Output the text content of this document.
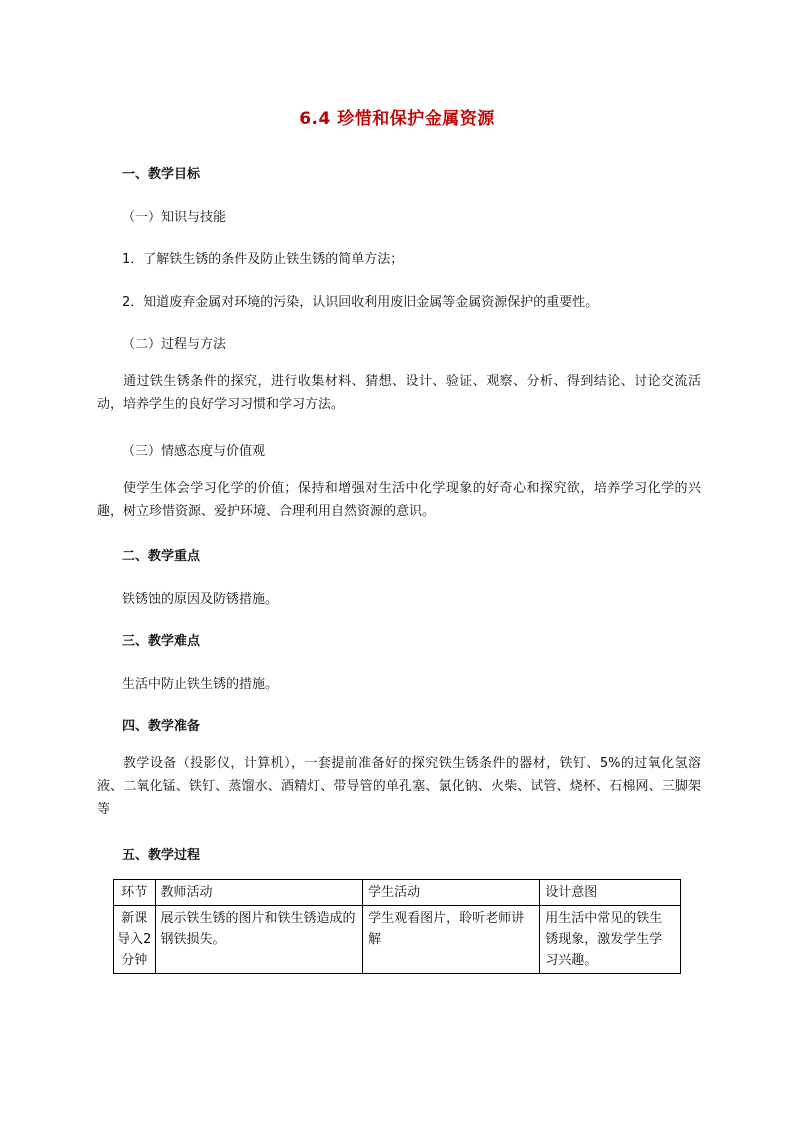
6.4 珍惜和保护金属资源
一、教学目标
（一）知识与技能
1．了解铁生锈的条件及防止铁生锈的简单方法；
2．知道废弃金属对环境的污染，认识回收利用废旧金属等金属资源保护的重要性。
（二）过程与方法
通过铁生锈条件的探究，进行收集材料、猜想、设计、验证、观察、分析、得到结论、讨论交流活动，培养学生的良好学习习惯和学习方法。
（三）情感态度与价值观
使学生体会学习化学的价值；保持和增强对生活中化学现象的好奇心和探究欲，培养学习化学的兴趣，树立珍惜资源、爱护环境、合理利用自然资源的意识。
二、教学重点
铁锈蚀的原因及防锈措施。
三、教学难点
生活中防止铁生锈的措施。
四、教学准备
教学设备（投影仪，计算机），一套提前准备好的探究铁生锈条件的器材，铁钉、5%的过氧化氢溶液、二氧化锰、铁钉、蒸馏水、酒精灯、带导管的单孔塞、氯化钠、火柴、试管、烧杯、石棉网、三脚架等
五、教学过程
环节	教师活动	学生活动	设计意图
新课导入2分钟	展示铁生锈的图片和铁生锈造成的钢铁损失。	学生观看图片，聆听老师讲解	用生活中常见的铁生锈现象，激发学生学习兴趣。
